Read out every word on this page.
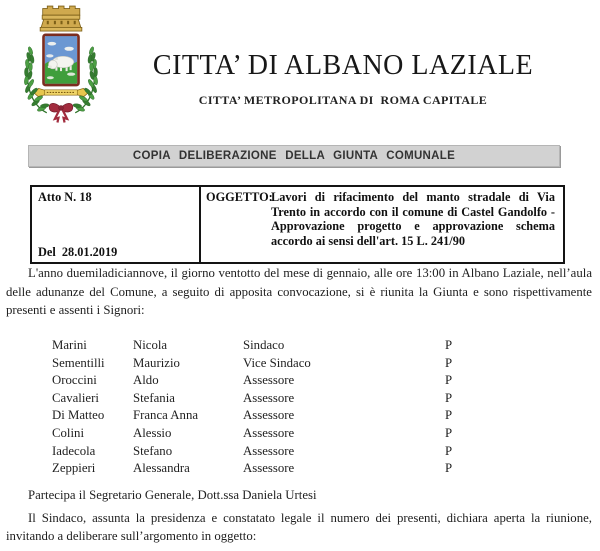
CITTA’ DI ALBANO LAZIALE
CITTA’ METROPOLITANA DI  ROMA CAPITALE
COPIA DELIBERAZIONE DELLA GIUNTA COMUNALE
Atto N. 18
Del  28.01.2019
OGGETTO:
Lavori di rifacimento del manto stradale di Via Trento in accordo con il comune di Castel Gandolfo - Approvazione progetto e approvazione schema accordo ai sensi dell'art. 15 L. 241/90
L'anno duemiladiciannove, il giorno ventotto del mese di gennaio, alle ore 13:00 in Albano Laziale, nell’aula delle adunanze del Comune, a seguito di apposita convocazione, si è riunita la Giunta e sono rispettivamente presenti e assenti i Signori:
Marini	Nicola	Sindaco	P
Sementilli	Maurizio	Vice Sindaco	P
Oroccini	Aldo	Assessore	P
Cavalieri	Stefania	Assessore	P
Di Matteo	Franca Anna	Assessore	P
Colini	Alessio	Assessore	P
Iadecola	Stefano	Assessore	P
Zeppieri	Alessandra	Assessore	P
Partecipa il Segretario Generale, Dott.ssa Daniela Urtesi
Il Sindaco, assunta la presidenza e constatato legale il numero dei presenti, dichiara aperta la riunione, invitando a deliberare sull’argomento in oggetto:
